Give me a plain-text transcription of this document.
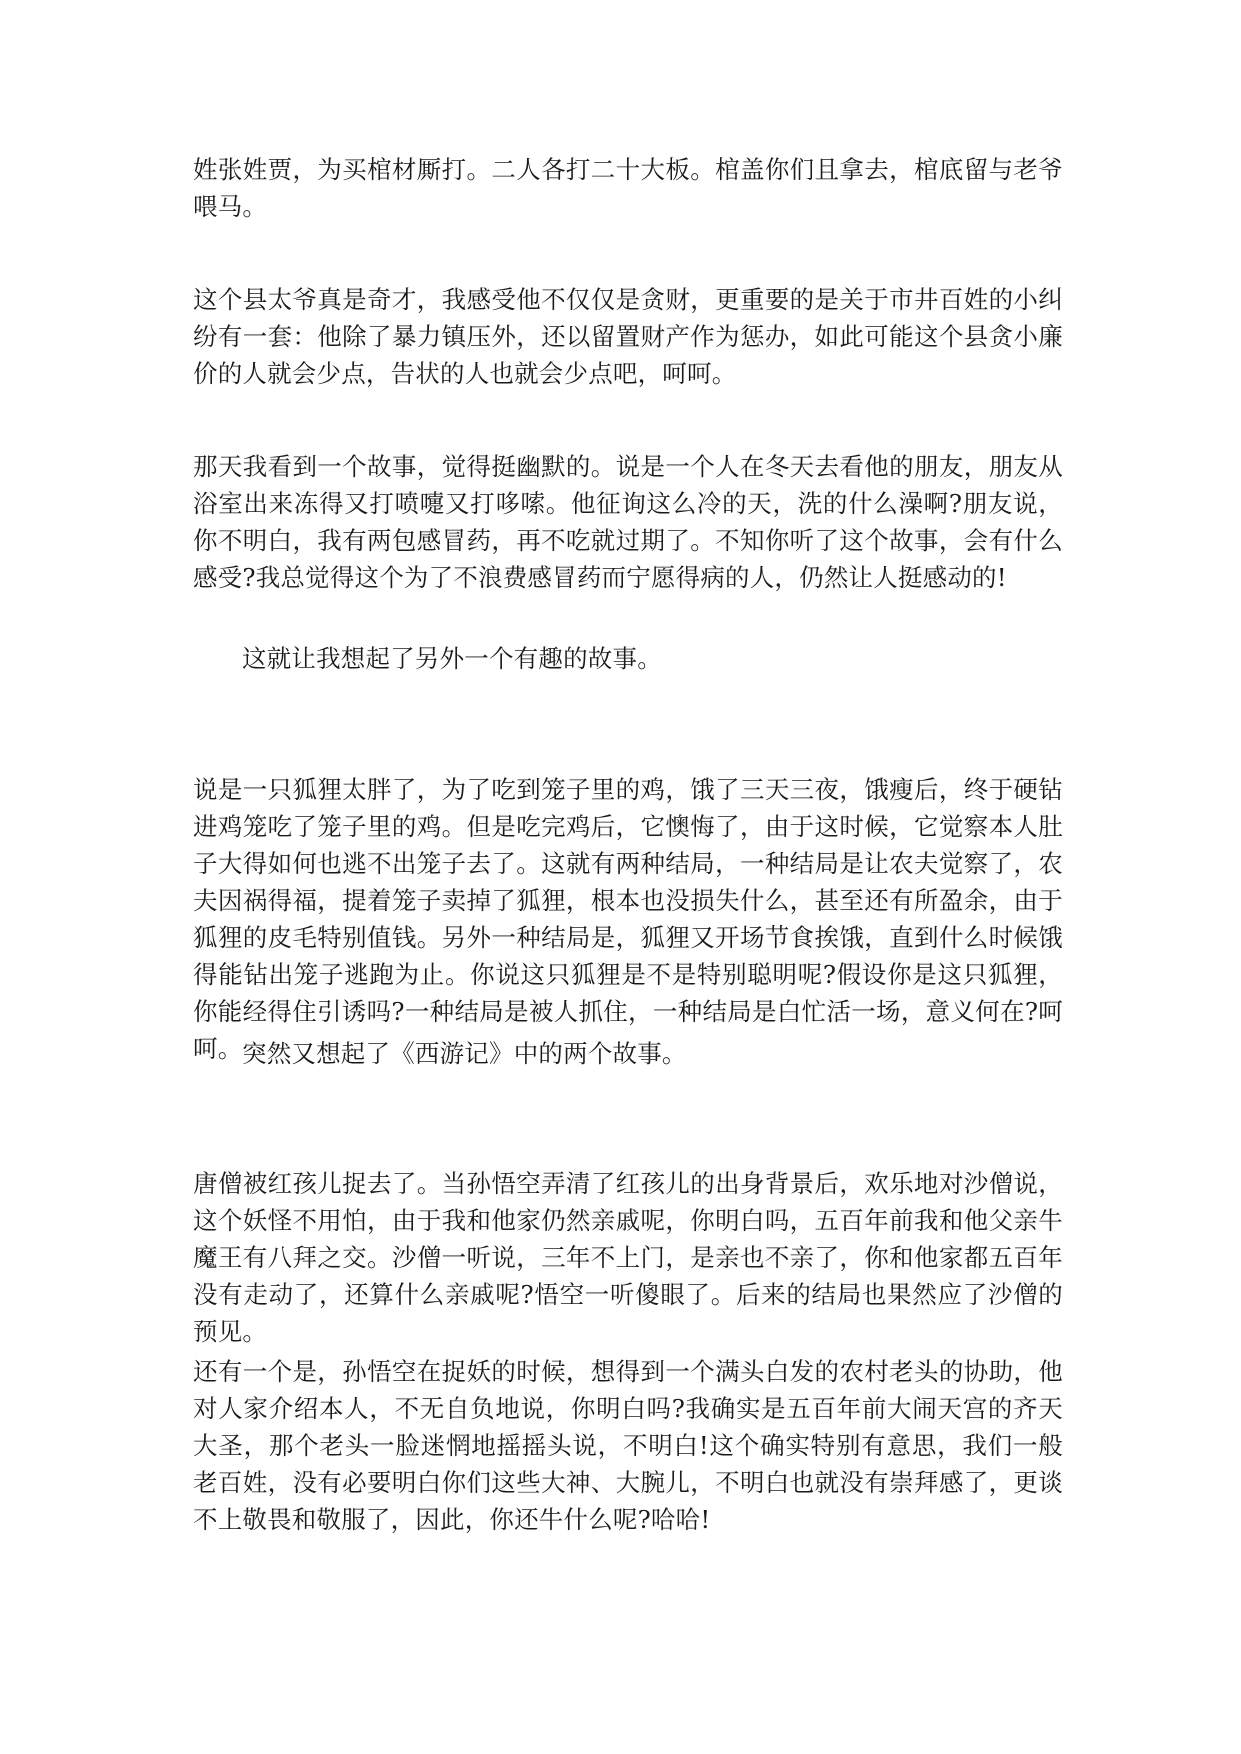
姓张姓贾，为买棺材厮打。二人各打二十大板。棺盖你们且拿去，棺底留与老爷喂马。

这个县太爷真是奇才，我感受他不仅仅是贪财，更重要的是关于市井百姓的小纠纷有一套：他除了暴力镇压外，还以留置财产作为惩办，如此可能这个县贪小廉价的人就会少点，告状的人也就会少点吧，呵呵。

那天我看到一个故事，觉得挺幽默的。说是一个人在冬天去看他的朋友，朋友从浴室出来冻得又打喷嚏又打哆嗦。他征询这么冷的天，洗的什么澡啊?朋友说，你不明白，我有两包感冒药，再不吃就过期了。不知你听了这个故事，会有什么感受?我总觉得这个为了不浪费感冒药而宁愿得病的人，仍然让人挺感动的!

这就让我想起了另外一个有趣的故事。

说是一只狐狸太胖了，为了吃到笼子里的鸡，饿了三天三夜，饿瘦后，终于硬钻进鸡笼吃了笼子里的鸡。但是吃完鸡后，它懊悔了，由于这时候，它觉察本人肚子大得如何也逃不出笼子去了。这就有两种结局，一种结局是让农夫觉察了，农夫因祸得福，提着笼子卖掉了狐狸，根本也没损失什么，甚至还有所盈余，由于狐狸的皮毛特别值钱。另外一种结局是，狐狸又开场节食挨饿，直到什么时候饿得能钻出笼子逃跑为止。你说这只狐狸是不是特别聪明呢?假设你是这只狐狸，你能经得住引诱吗?一种结局是被人抓住，一种结局是白忙活一场，意义何在?呵呵。 突然又想起了《西游记》中的两个故事。

唐僧被红孩儿捉去了。当孙悟空弄清了红孩儿的出身背景后，欢乐地对沙僧说，这个妖怪不用怕，由于我和他家仍然亲戚呢，你明白吗，五百年前我和他父亲牛魔王有八拜之交。沙僧一听说，三年不上门，是亲也不亲了，你和他家都五百年没有走动了，还算什么亲戚呢?悟空一听傻眼了。后来的结局也果然应了沙僧的预见。

还有一个是，孙悟空在捉妖的时候，想得到一个满头白发的农村老头的协助，他对人家介绍本人，不无自负地说，你明白吗?我确实是五百年前大闹天宫的齐天大圣，那个老头一脸迷惘地摇摇头说，不明白!这个确实特别有意思，我们一般老百姓，没有必要明白你们这些大神、大腕儿，不明白也就没有崇拜感了，更谈不上敬畏和敬服了，因此，你还牛什么呢?哈哈!
